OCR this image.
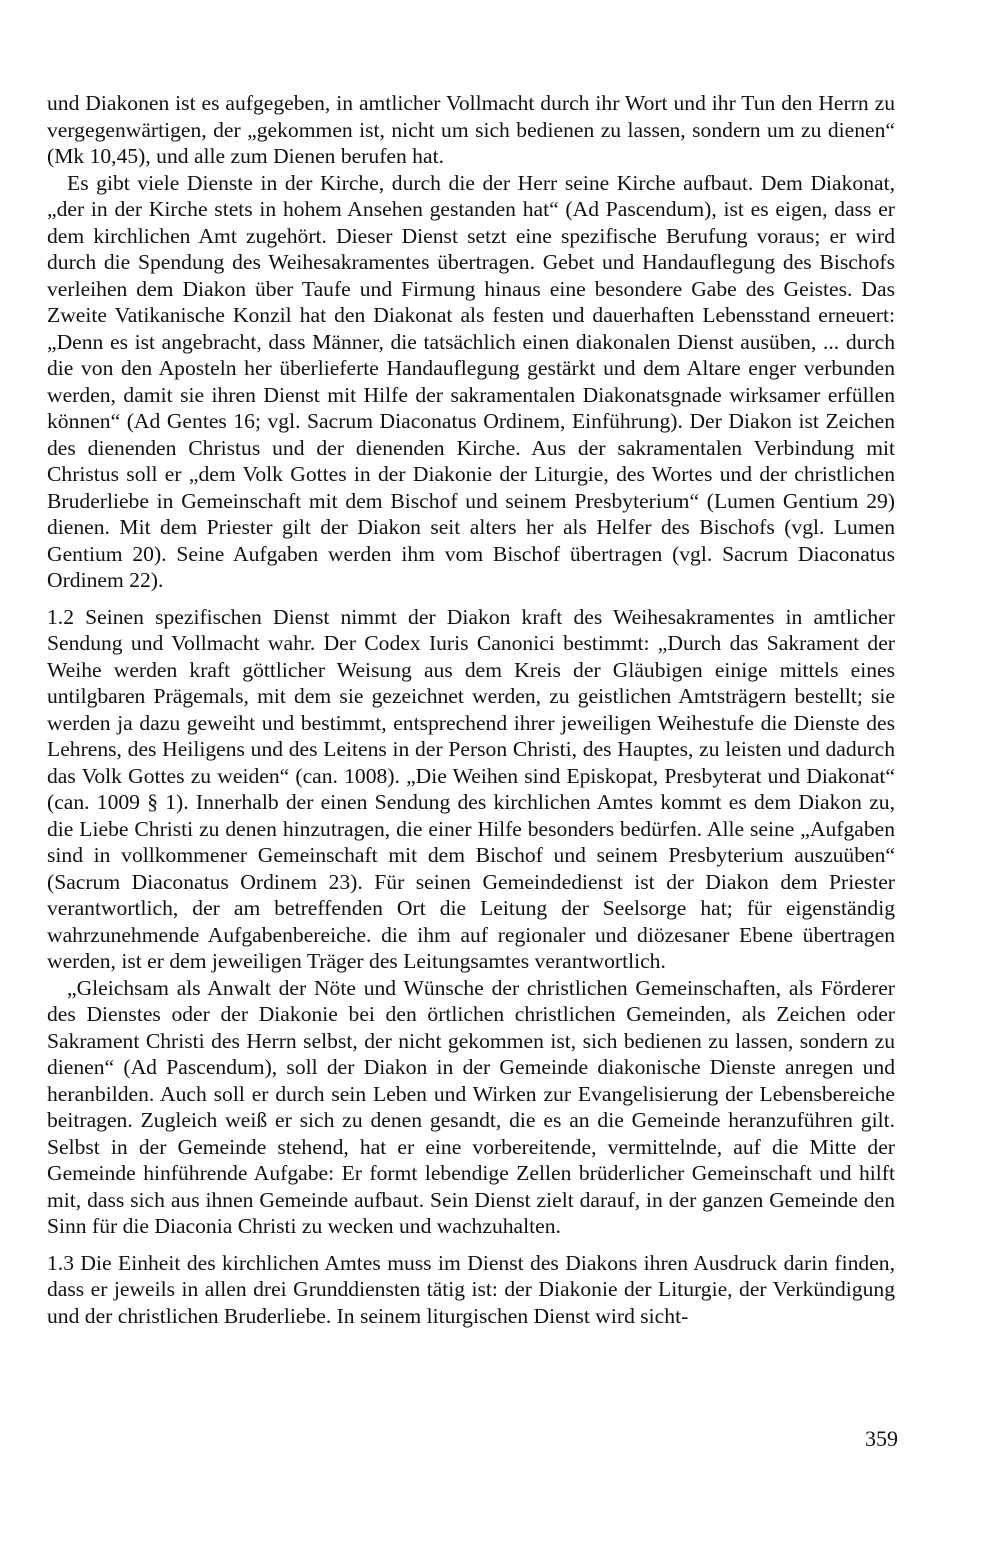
und Diakonen ist es aufgegeben, in amtlicher Vollmacht durch ihr Wort und ihr Tun den Herrn zu vergegenwärtigen, der „gekommen ist, nicht um sich bedienen zu lassen, sondern um zu dienen“ (Mk 10,45), und alle zum Dienen berufen hat.

Es gibt viele Dienste in der Kirche, durch die der Herr seine Kirche aufbaut. Dem Diakonat, „der in der Kirche stets in hohem Ansehen gestanden hat“ (Ad Pascendum), ist es eigen, dass er dem kirchlichen Amt zugehört. Dieser Dienst setzt eine spezifische Berufung voraus; er wird durch die Spendung des Weihesakramentes übertragen. Gebet und Handauflegung des Bischofs verleihen dem Diakon über Taufe und Firmung hinaus eine besondere Gabe des Geistes. Das Zweite Vatikanische Konzil hat den Diakonat als festen und dauerhaften Lebensstand erneuert: „Denn es ist angebracht, dass Männer, die tatsächlich einen diakonalen Dienst ausüben, ... durch die von den Aposteln her überlieferte Handauflegung gestärkt und dem Altare enger verbunden werden, damit sie ihren Dienst mit Hilfe der sakramentalen Diakonatsgnade wirksamer erfüllen können“ (Ad Gentes 16; vgl. Sacrum Diaconatus Ordinem, Einführung). Der Diakon ist Zeichen des dienenden Christus und der dienenden Kirche. Aus der sakramentalen Verbindung mit Christus soll er „dem Volk Gottes in der Diakonie der Liturgie, des Wortes und der christlichen Bruderliebe in Gemeinschaft mit dem Bischof und seinem Presbyterium“ (Lumen Gentium 29) dienen. Mit dem Priester gilt der Diakon seit alters her als Helfer des Bischofs (vgl. Lumen Gentium 20). Seine Aufgaben werden ihm vom Bischof übertragen (vgl. Sacrum Diaconatus Ordinem 22).

1.2 Seinen spezifischen Dienst nimmt der Diakon kraft des Weihesakramentes in amtlicher Sendung und Vollmacht wahr. Der Codex Iuris Canonici bestimmt: „Durch das Sakrament der Weihe werden kraft göttlicher Weisung aus dem Kreis der Gläubigen einige mittels eines untilgbaren Prägemals, mit dem sie gezeichnet werden, zu geistlichen Amtsträgern bestellt; sie werden ja dazu geweiht und bestimmt, entsprechend ihrer jeweiligen Weihestufe die Dienste des Lehrens, des Heiligens und des Leitens in der Person Christi, des Hauptes, zu leisten und dadurch das Volk Gottes zu weiden“ (can. 1008). „Die Weihen sind Episkopat, Presbyterat und Diakonat“ (can. 1009 § 1). Innerhalb der einen Sendung des kirchlichen Amtes kommt es dem Diakon zu, die Liebe Christi zu denen hinzutragen, die einer Hilfe besonders bedürfen. Alle seine „Aufgaben sind in vollkommener Gemeinschaft mit dem Bischof und seinem Presbyterium auszuüben“ (Sacrum Diaconatus Ordinem 23). Für seinen Gemeindedienst ist der Diakon dem Priester verantwortlich, der am betreffenden Ort die Leitung der Seelsorge hat; für eigenständig wahrzunehmende Aufgabenbereiche. die ihm auf regionaler und diözesaner Ebene übertragen werden, ist er dem jeweiligen Träger des Leitungsamtes verantwortlich.

„Gleichsam als Anwalt der Nöte und Wünsche der christlichen Gemeinschaften, als Förderer des Dienstes oder der Diakonie bei den örtlichen christlichen Gemeinden, als Zeichen oder Sakrament Christi des Herrn selbst, der nicht gekommen ist, sich bedienen zu lassen, sondern zu dienen“ (Ad Pascendum), soll der Diakon in der Gemeinde diakonische Dienste anregen und heranbilden. Auch soll er durch sein Leben und Wirken zur Evangelisierung der Lebensbereiche beitragen. Zugleich weiß er sich zu denen gesandt, die es an die Gemeinde heranzuführen gilt. Selbst in der Gemeinde stehend, hat er eine vorbereitende, vermittelnde, auf die Mitte der Gemeinde hinführende Aufgabe: Er formt lebendige Zellen brüderlicher Gemeinschaft und hilft mit, dass sich aus ihnen Gemeinde aufbaut. Sein Dienst zielt darauf, in der ganzen Gemeinde den Sinn für die Diaconia Christi zu wecken und wachzuhalten.

1.3 Die Einheit des kirchlichen Amtes muss im Dienst des Diakons ihren Ausdruck darin finden, dass er jeweils in allen drei Grunddiensten tätig ist: der Diakonie der Liturgie, der Verkündigung und der christlichen Bruderliebe. In seinem liturgischen Dienst wird sicht-

359
